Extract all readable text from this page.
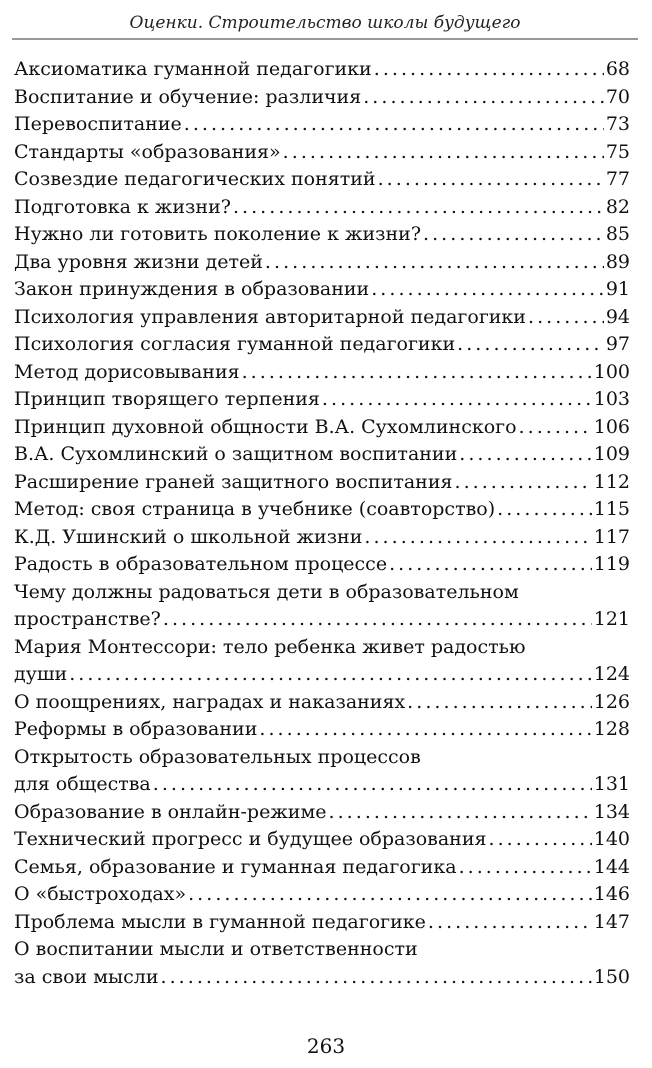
Оценки. Строительство школы будущего
Аксиоматика гуманной педагогики . . .	68
Воспитание и обучение: различия . . .	70
Перевоспитание . . .	73
Стандарты «образования» . . .	75
Созвездие педагогических понятий . . .	77
Подготовка к жизни? . . .	82
Нужно ли готовить поколение к жизни? . . .	85
Два уровня жизни детей . . .	89
Закон принуждения в образовании . . .	91
Психология управления авторитарной педагогики . . .	94
Психология согласия гуманной педагогики . . .	97
Метод дорисовывания . . .	100
Принцип творящего терпения . . .	103
Принцип духовной общности В.А. Сухомлинского . . .	106
В.А. Сухомлинский о защитном воспитании . . .	109
Расширение граней защитного воспитания . . .	112
Метод: своя страница в учебнике (соавторство) . . .	115
К.Д. Ушинский о школьной жизни . . .	117
Радость в образовательном процессе . . .	119
Чему должны радоваться дети в образовательном
пространстве? . . .	121
Мария Монтессори: тело ребенка живет радостью
души . . .	124
О поощрениях, наградах и наказаниях . . .	126
Реформы в образовании . . .	128
Открытость образовательных процессов
для общества . . .	131
Образование в онлайн-режиме . . .	134
Технический прогресс и будущее образования . . .	140
Семья, образование и гуманная педагогика . . .	144
О «быстроходах» . . .	146
Проблема мысли в гуманной педагогике . . .	147
О воспитании мысли и ответственности
за свои мысли . . .	150
263
